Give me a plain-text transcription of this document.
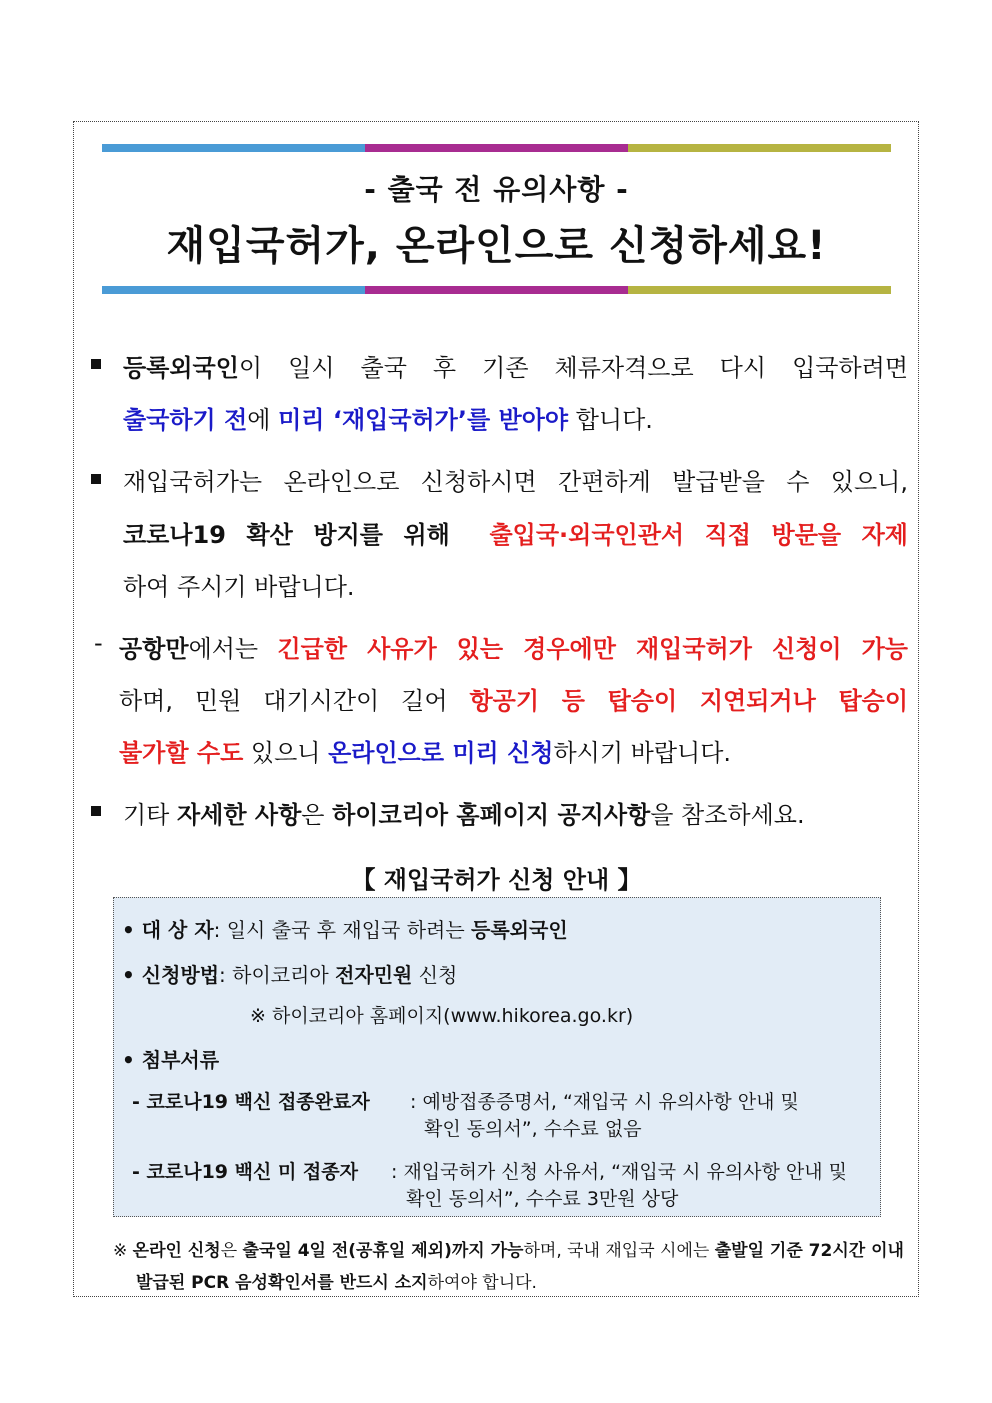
- 출국 전 유의사항 -
재입국허가, 온라인으로 신청하세요!
등록외국인이 일시 출국 후 기존 체류자격으로 다시 입국하려면
출국하기 전에 미리 ‘재입국허가’를 받아야 합니다.
재입국허가는 온라인으로 신청하시면 간편하게 발급받을 수 있으니,
코로나19 확산 방지를 위해 출입국·외국인관서 직접 방문을 자제
하여 주시기 바랍니다.
- 공항만에서는 긴급한 사유가 있는 경우에만 재입국허가 신청이 가능
하며, 민원 대기시간이 길어 항공기 등 탑승이 지연되거나 탑승이
불가할 수도 있으니 온라인으로 미리 신청하시기 바랍니다.
기타 자세한 사항은 하이코리아 홈페이지 공지사항을 참조하세요.
【 재입국허가 신청 안내 】
• 대 상 자: 일시 출국 후 재입국 하려는 등록외국인
• 신청방법: 하이코리아 전자민원 신청
※ 하이코리아 홈페이지(www.hikorea.go.kr)
• 첨부서류
- 코로나19 백신 접종완료자 : 예방접종증명서, “재입국 시 유의사항 안내 및
확인 동의서”, 수수료 없음
- 코로나19 백신 미 접종자 : 재입국허가 신청 사유서, “재입국 시 유의사항 안내 및
확인 동의서”, 수수료 3만원 상당
※ 온라인 신청은 출국일 4일 전(공휴일 제외)까지 가능하며, 국내 재입국 시에는 출발일 기준 72시간 이내
발급된 PCR 음성확인서를 반드시 소지하여야 합니다.
